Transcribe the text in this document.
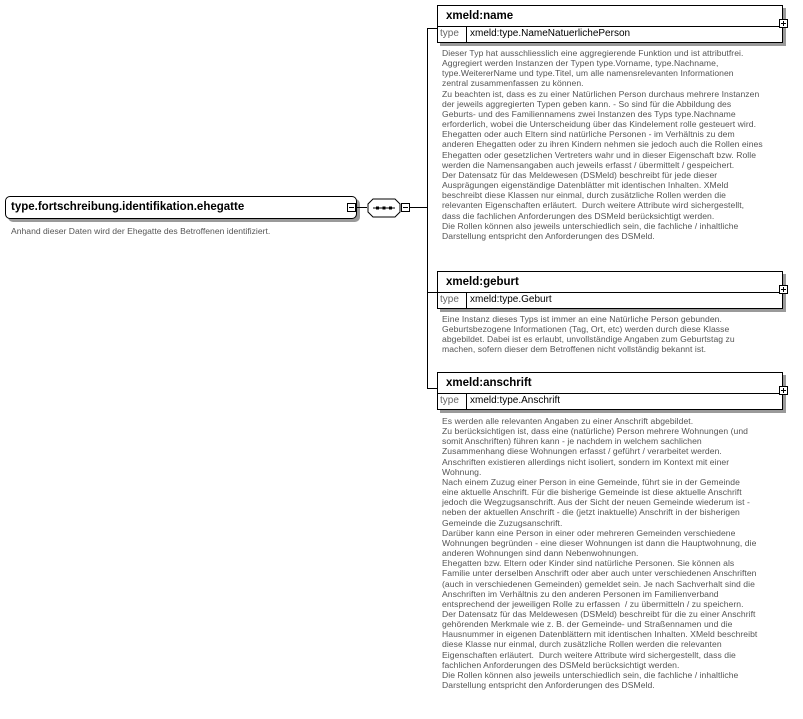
type.fortschreibung.identifikation.ehegatte
Anhand dieser Daten wird der Ehegatte des Betroffenen identifiziert.
xmeld:name
type	xmeld:type.NameNatuerlichePerson
Dieser Typ hat ausschliesslich eine aggregierende Funktion und ist attributfrei.
Aggregiert werden Instanzen der Typen type.Vorname, type.Nachname,
type.WeitererName und type.Titel, um alle namensrelevanten Informationen
zentral zusammenfassen zu können.
Zu beachten ist, dass es zu einer Natürlichen Person durchaus mehrere Instanzen
der jeweils aggregierten Typen geben kann. - So sind für die Abbildung des
Geburts- und des Familiennamens zwei Instanzen des Typs type.Nachname
erforderlich, wobei die Unterscheidung über das Kindelement rolle gesteuert wird.
Ehegatten oder auch Eltern sind natürliche Personen - im Verhältnis zu dem
anderen Ehegatten oder zu ihren Kindern nehmen sie jedoch auch die Rollen eines
Ehegatten oder gesetzlichen Vertreters wahr und in dieser Eigenschaft bzw. Rolle
werden die Namensangaben auch jeweils erfasst / übermittelt / gespeichert.
Der Datensatz für das Meldewesen (DSMeld) beschreibt für jede dieser
Ausprägungen eigenständige Datenblätter mit identischen Inhalten. XMeld
beschreibt diese Klassen nur einmal, durch zusätzliche Rollen werden die
relevanten Eigenschaften erläutert.  Durch weitere Attribute wird sichergestellt,
dass die fachlichen Anforderungen des DSMeld berücksichtigt werden.
Die Rollen können also jeweils unterschiedlich sein, die fachliche / inhaltliche
Darstellung entspricht den Anforderungen des DSMeld.
xmeld:geburt
type	xmeld:type.Geburt
Eine Instanz dieses Typs ist immer an eine Natürliche Person gebunden.
Geburtsbezogene Informationen (Tag, Ort, etc) werden durch diese Klasse
abgebildet. Dabei ist es erlaubt, unvollständige Angaben zum Geburtstag zu
machen, sofern dieser dem Betroffenen nicht vollständig bekannt ist.
xmeld:anschrift
type	xmeld:type.Anschrift
Es werden alle relevanten Angaben zu einer Anschrift abgebildet.
Zu berücksichtigen ist, dass eine (natürliche) Person mehrere Wohnungen (und
somit Anschriften) führen kann - je nachdem in welchem sachlichen
Zusammenhang diese Wohnungen erfasst / geführt / verarbeitet werden.
Anschriften existieren allerdings nicht isoliert, sondern im Kontext mit einer
Wohnung.
Nach einem Zuzug einer Person in eine Gemeinde, führt sie in der Gemeinde
eine aktuelle Anschrift. Für die bisherige Gemeinde ist diese aktuelle Anschrift
jedoch die Wegzugsanschrift. Aus der Sicht der neuen Gemeinde wiederum ist -
neben der aktuellen Anschrift - die (jetzt inaktuelle) Anschrift in der bisherigen
Gemeinde die Zuzugsanschrift.
Darüber kann eine Person in einer oder mehreren Gemeinden verschiedene
Wohnungen begründen - eine dieser Wohnungen ist dann die Hauptwohnung, die
anderen Wohnungen sind dann Nebenwohnungen.
Ehegatten bzw. Eltern oder Kinder sind natürliche Personen. Sie können als
Familie unter derselben Anschrift oder aber auch unter verschiedenen Anschriften
(auch in verschiedenen Gemeinden) gemeldet sein. Je nach Sachverhalt sind die
Anschriften im Verhältnis zu den anderen Personen im Familienverband
entsprechend der jeweiligen Rolle zu erfassen  / zu übermitteln / zu speichern.
Der Datensatz für das Meldewesen (DSMeld) beschreibt für die zu einer Anschrift
gehörenden Merkmale wie z. B. der Gemeinde- und Straßennamen und die
Hausnummer in eigenen Datenblättern mit identischen Inhalten. XMeld beschreibt
diese Klasse nur einmal, durch zusätzliche Rollen werden die relevanten
Eigenschaften erläutert.  Durch weitere Attribute wird sichergestellt, dass die
fachlichen Anforderungen des DSMeld berücksichtigt werden.
Die Rollen können also jeweils unterschiedlich sein, die fachliche / inhaltliche
Darstellung entspricht den Anforderungen des DSMeld.
